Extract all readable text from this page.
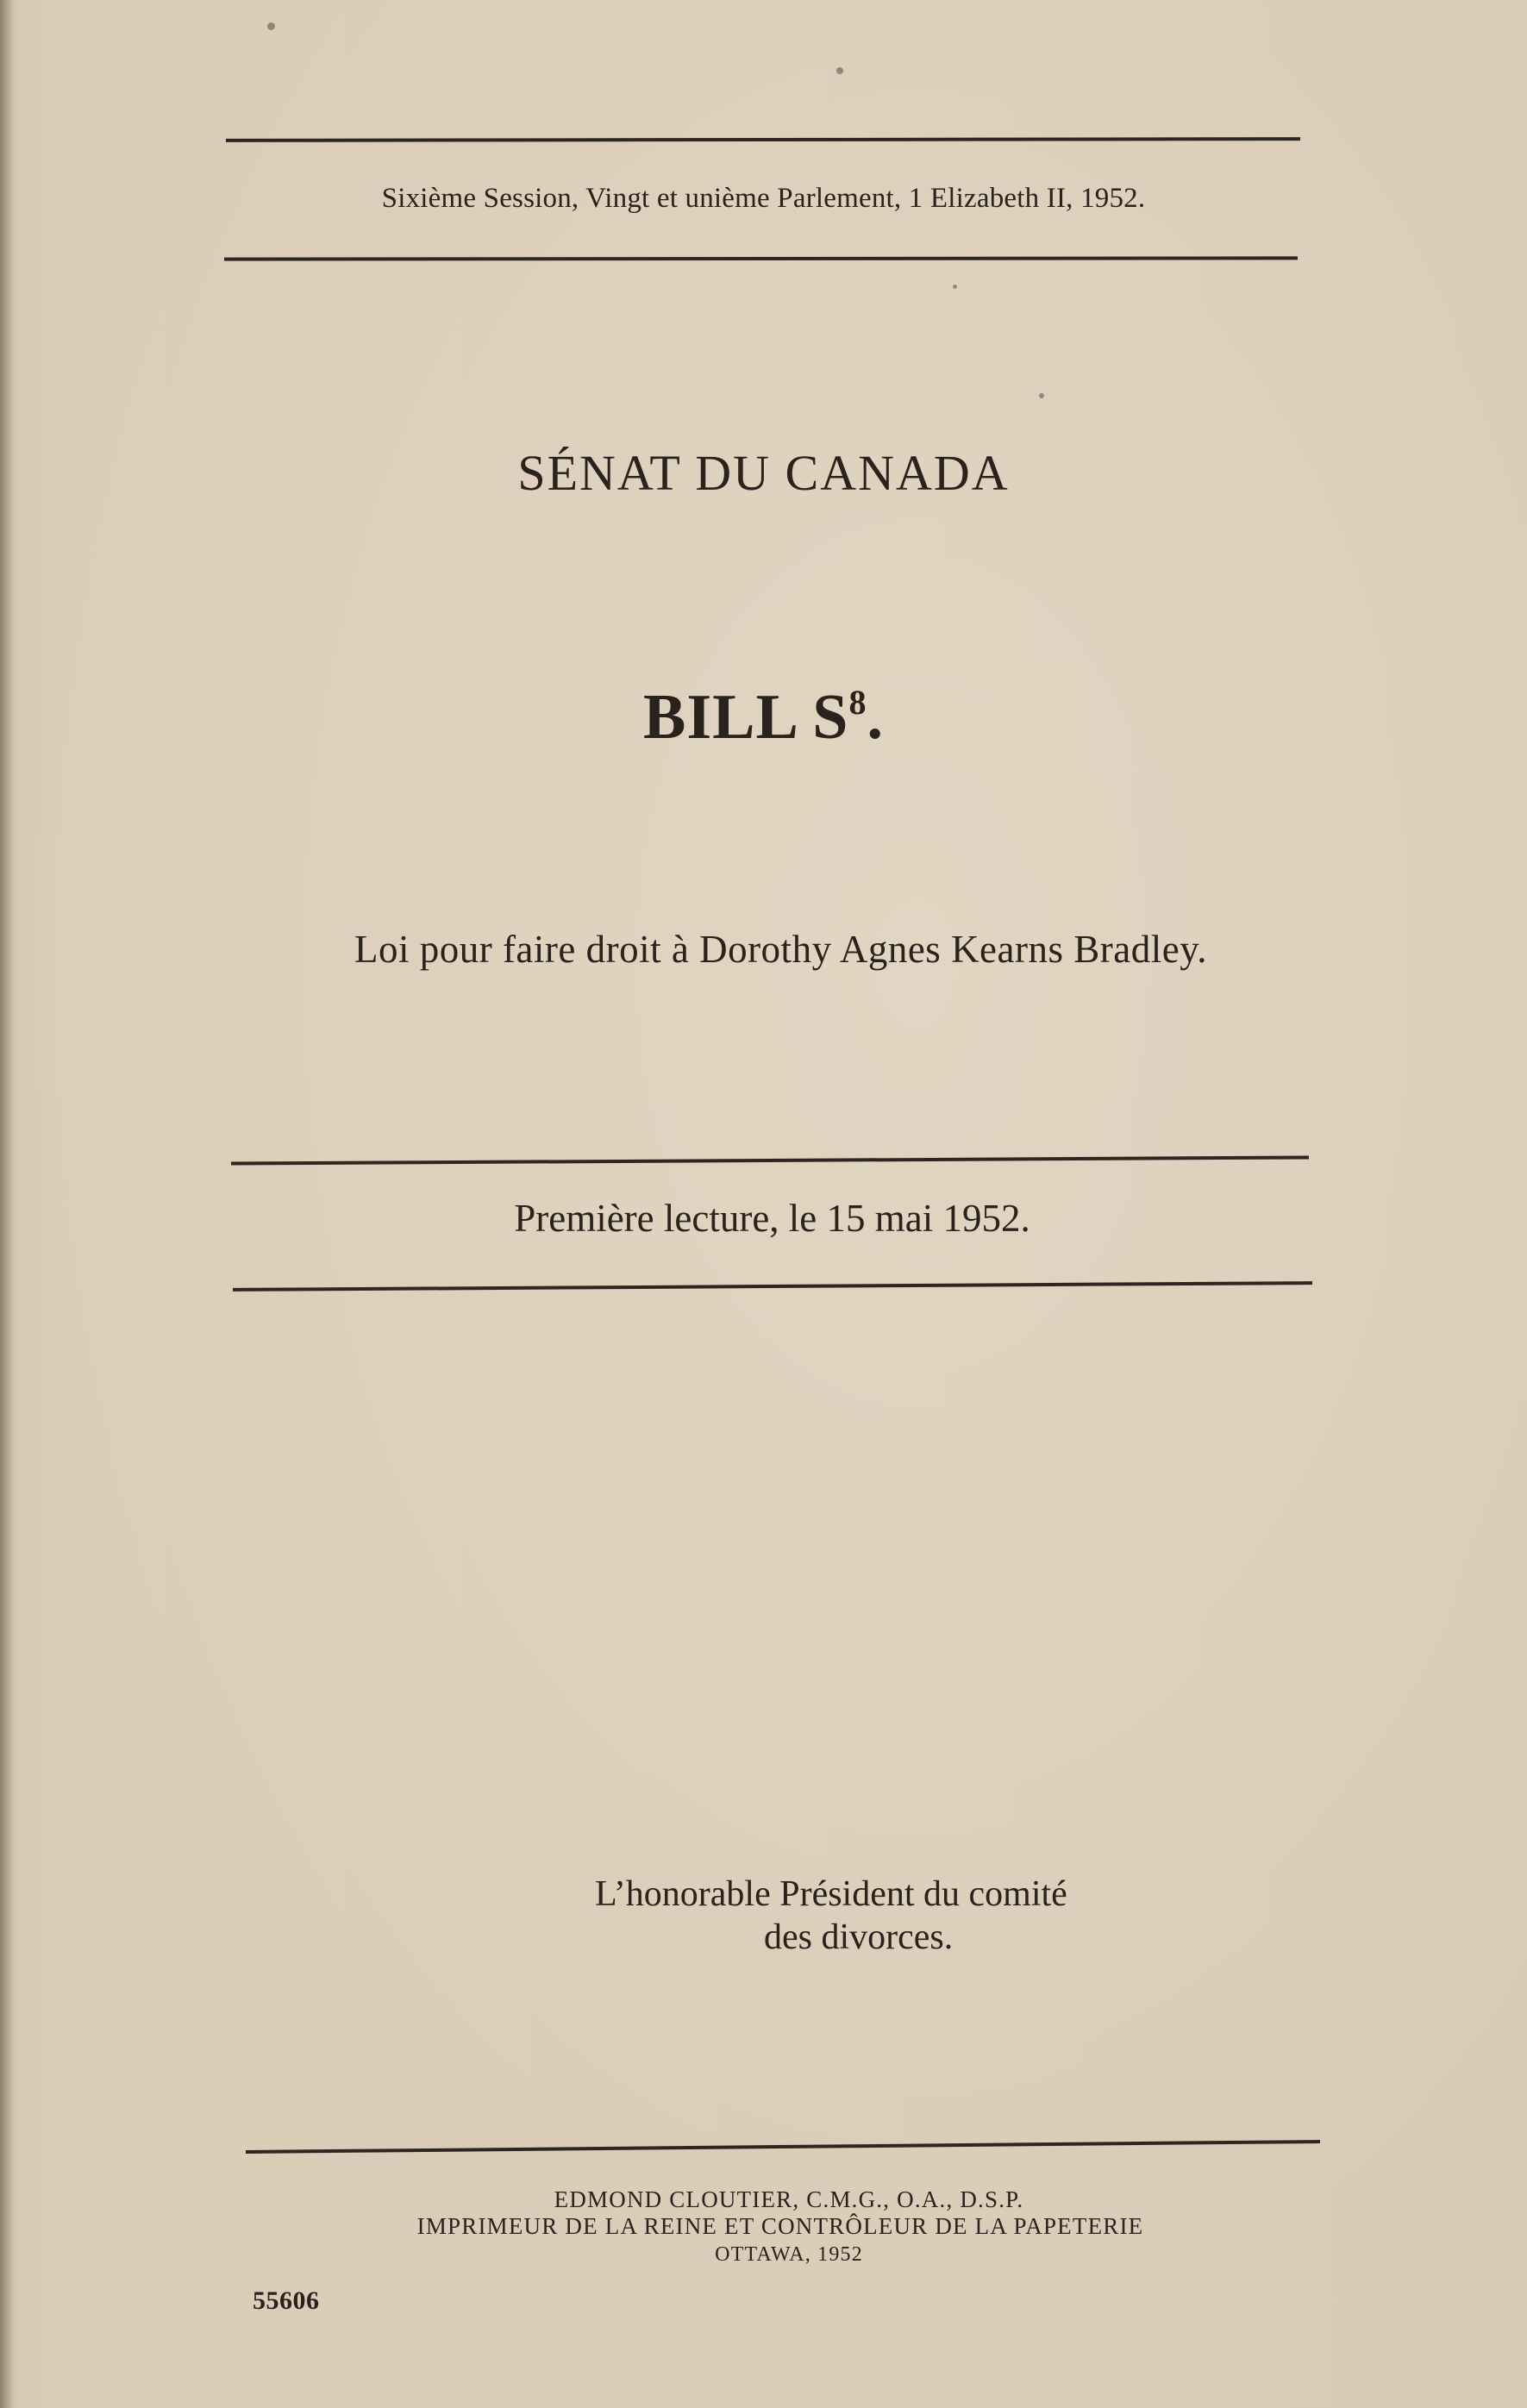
Sixième Session, Vingt et unième Parlement, 1 Elizabeth II, 1952.
SÉNAT DU CANADA
BILL $S^8$.
Loi pour faire droit à Dorothy Agnes Kearns Bradley.
Première lecture, le 15 mai 1952.
L’honorable Président du comité
des divorces.
EDMOND CLOUTIER, C.M.G., O.A., D.S.P.
IMPRIMEUR DE LA REINE ET CONTRÔLEUR DE LA PAPETERIE
OTTAWA, 1952
55606
